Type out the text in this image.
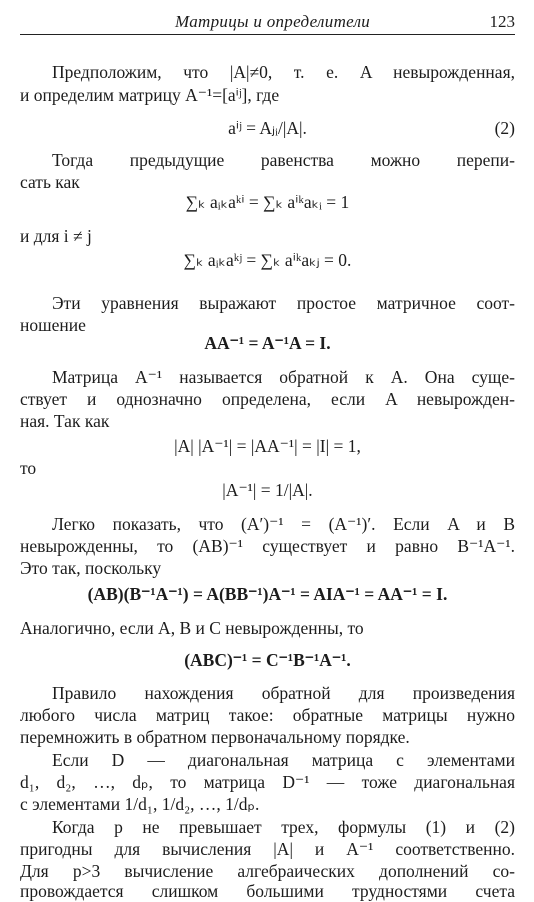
Матрицы и определители	123
Предположим, что |A|≠0, т. е. A невырожденная,
и определим матрицу A⁻¹=[aⁱʲ], где
aⁱʲ = Aⱼᵢ/|A|.	(2)
Тогда предыдущие равенства можно перепи-
сать как
∑ₖ aᵢₖaᵏⁱ = ∑ₖ aⁱᵏaₖᵢ = 1
и для i ≠ j
∑ₖ aᵢₖaᵏʲ = ∑ₖ aⁱᵏaₖⱼ = 0.
Эти уравнения выражают простое матричное соот-
ношение
AA⁻¹ = A⁻¹A = I.
Матрица A⁻¹ называется обратной к A. Она суще-
ствует и однозначно определена, если A невырожден-
ная. Так как
|A| |A⁻¹| = |AA⁻¹| = |I| = 1,
то
|A⁻¹| = 1/|A|.
Легко показать, что (A′)⁻¹ = (A⁻¹)′. Если A и B
невырожденны, то (AB)⁻¹ существует и равно B⁻¹A⁻¹.
Это так, поскольку
(AB)(B⁻¹A⁻¹) = A(BB⁻¹)A⁻¹ = AIA⁻¹ = AA⁻¹ = I.
Аналогично, если A, B и C невырожденны, то
(ABC)⁻¹ = C⁻¹B⁻¹A⁻¹.
Правило нахождения обратной для произведения
любого числа матриц такое: обратные матрицы нужно
перемножить в обратном первоначальному порядке.
Если D — диагональная матрица с элементами
d₁, d₂, …, dₚ, то матрица D⁻¹ — тоже диагональная
с элементами 1/d₁, 1/d₂, …, 1/dₚ.
Когда p не превышает трех, формулы (1) и (2)
пригодны для вычисления |A| и A⁻¹ соответственно.
Для p>3 вычисление алгебраических дополнений со-
провождается слишком большими трудностями счета
